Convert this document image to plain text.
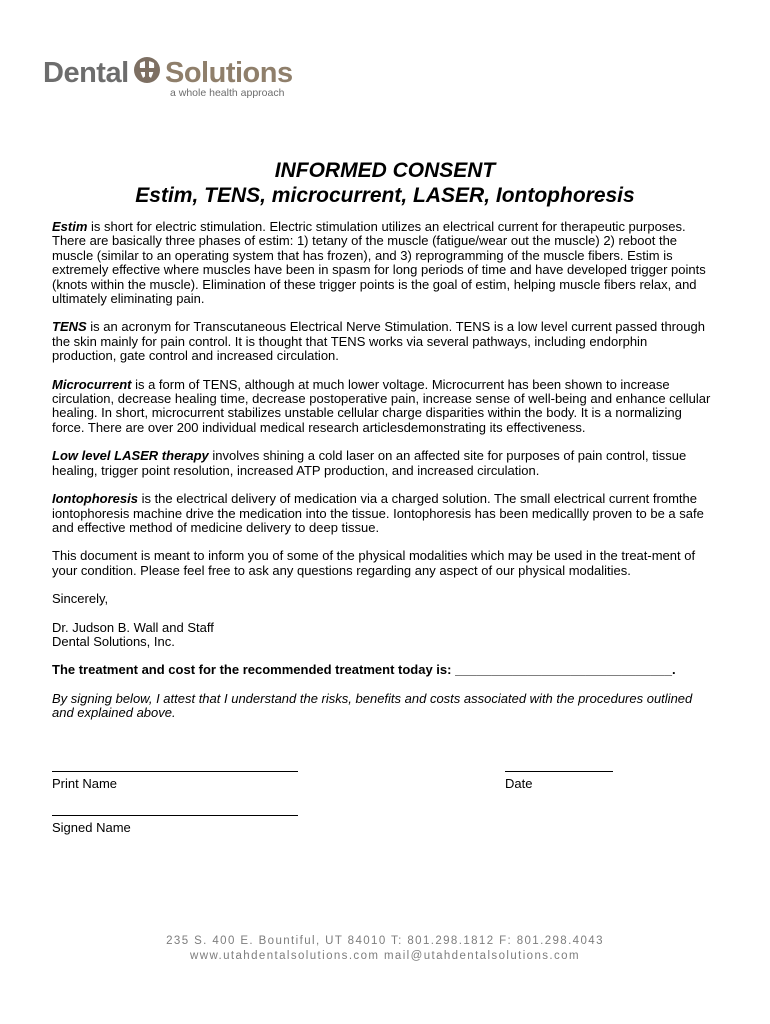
Dental Solutions
a whole health approach
INFORMED CONSENT
Estim, TENS, microcurrent, LASER, Iontophoresis

Estim is short for electric stimulation. Electric stimulation utilizes an electrical current for therapeutic purposes. There are basically three phases of estim: 1) tetany of the muscle (fatigue/wear out the muscle) 2) reboot the muscle (similar to an operating system that has frozen), and 3) reprogramming of the muscle fibers. Estim is extremely effective where muscles have been in spasm for long periods of time and have developed trigger points (knots within the muscle). Elimination of these trigger points is the goal of estim, helping muscle fibers relax, and ultimately eliminating pain.

TENS is an acronym for Transcutaneous Electrical Nerve Stimulation. TENS is a low level current passed through the skin mainly for pain control. It is thought that TENS works via several pathways, including endorphin production, gate control and increased circulation.

Microcurrent is a form of TENS, although at much lower voltage. Microcurrent has been shown to increase circulation, decrease healing time, decrease postoperative pain, increase sense of well-being and enhance cellular healing. In short, microcurrent stabilizes unstable cellular charge disparities within the body. It is a normalizing force. There are over 200 individual medical research articlesdemonstrating its effectiveness.

Low level LASER therapy involves shining a cold laser on an affected site for purposes of pain control, tissue healing, trigger point resolution, increased ATP production, and increased circulation.

Iontophoresis is the electrical delivery of medication via a charged solution. The small electrical current fromthe iontophoresis machine drive the medication into the tissue. Iontophoresis has been medicallly proven to be a safe and effective method of medicine delivery to deep tissue.

This document is meant to inform you of some of the physical modalities which may be used in the treat-ment of your condition. Please feel free to ask any questions regarding any aspect of our physical modalities.

Sincerely,

Dr. Judson B. Wall and Staff
Dental Solutions, Inc.

The treatment and cost for the recommended treatment today is: ______________________________.

By signing below, I attest that I understand the risks, benefits and costs associated with the procedures outlined and explained above.

Print Name	Date
Signed Name
235 S. 400 E. Bountiful, UT 84010 T: 801.298.1812 F: 801.298.4043
www.utahdentalsolutions.com mail@utahdentalsolutions.com
